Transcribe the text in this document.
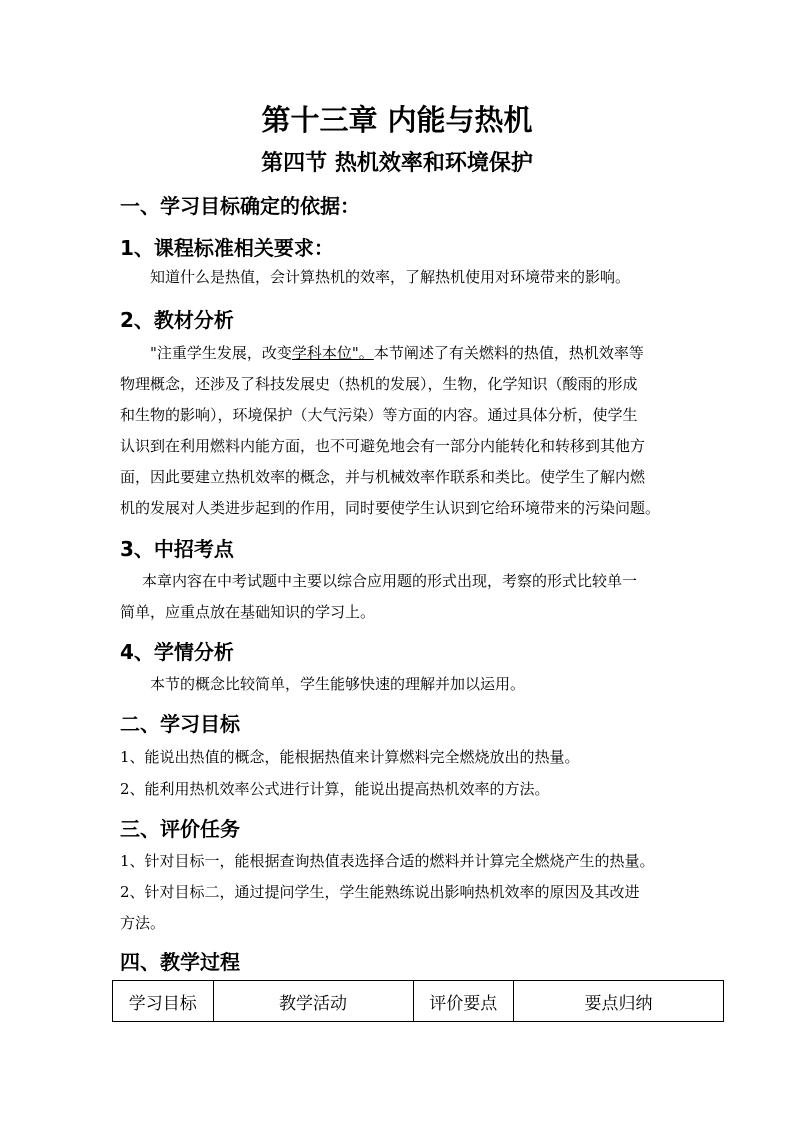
第十三章 内能与热机
第四节 热机效率和环境保护
一、学习目标确定的依据：
1、课程标准相关要求：
知道什么是热值，会计算热机的效率，了解热机使用对环境带来的影响。
2、教材分析
"注重学生发展，改变学科本位"。本节阐述了有关燃料的热值，热机效率等
物理概念，还涉及了科技发展史（热机的发展），生物，化学知识（酸雨的形成
和生物的影响），环境保护（大气污染）等方面的内容。通过具体分析，使学生
认识到在利用燃料内能方面，也不可避免地会有一部分内能转化和转移到其他方
面，因此要建立热机效率的概念，并与机械效率作联系和类比。使学生了解内燃
机的发展对人类进步起到的作用，同时要使学生认识到它给环境带来的污染问题。
3、中招考点
本章内容在中考试题中主要以综合应用题的形式出现，考察的形式比较单一
简单，应重点放在基础知识的学习上。
4、学情分析
本节的概念比较简单，学生能够快速的理解并加以运用。
二、学习目标
1、能说出热值的概念，能根据热值来计算燃料完全燃烧放出的热量。
2、能利用热机效率公式进行计算，能说出提高热机效率的方法。
三、评价任务
1、针对目标一，能根据查询热值表选择合适的燃料并计算完全燃烧产生的热量。
2、针对目标二，通过提问学生，学生能熟练说出影响热机效率的原因及其改进
方法。
四、教学过程
学习目标	教学活动	评价要点	要点归纳
